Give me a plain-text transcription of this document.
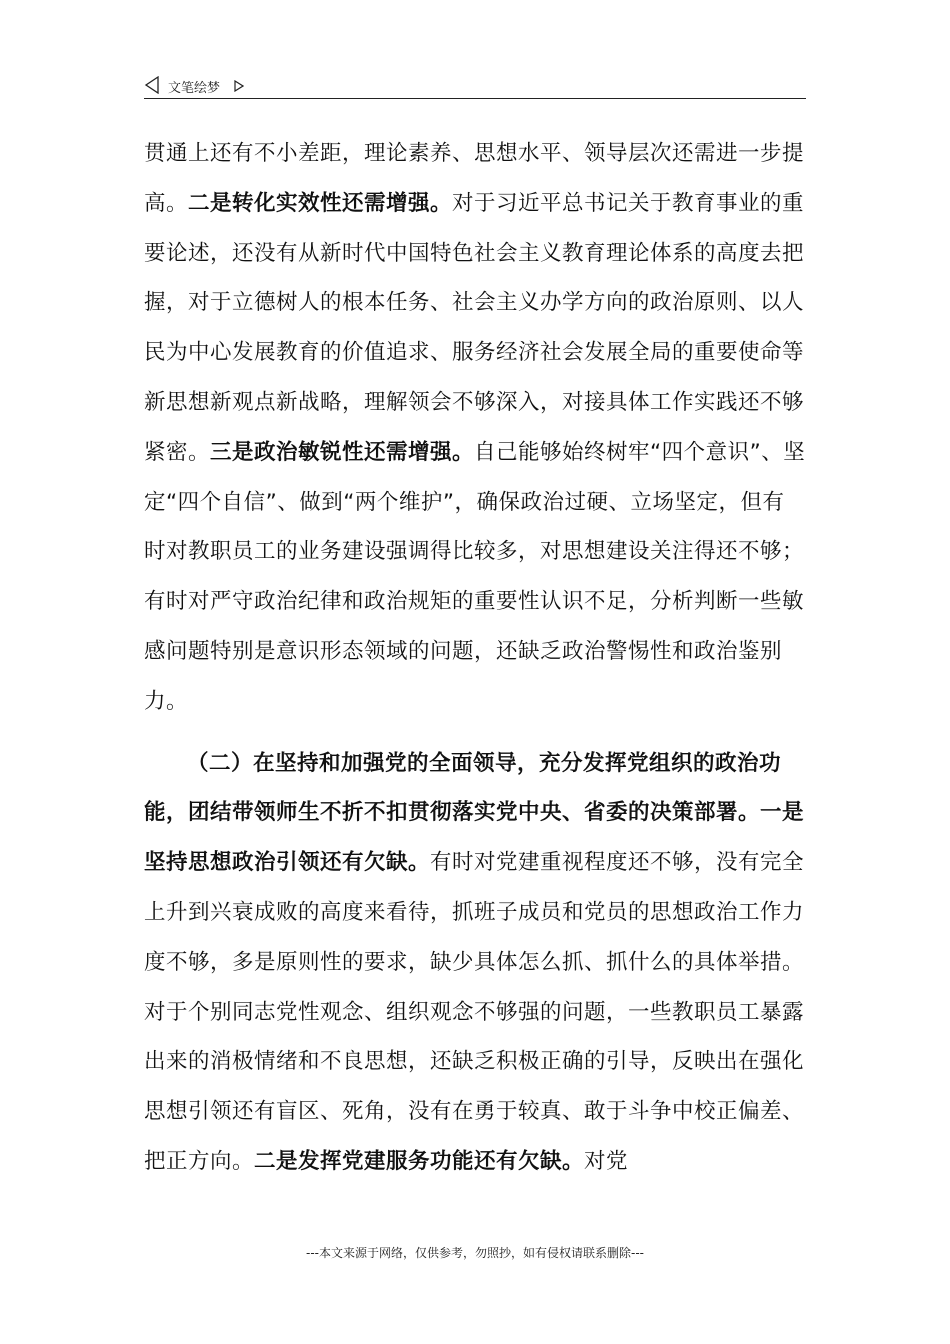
文笔绘梦

贯通上还有不小差距，理论素养、思想水平、领导层次还需进一步提高。二是转化实效性还需增强。对于习近平总书记关于教育事业的重要论述，还没有从新时代中国特色社会主义教育理论体系的高度去把握，对于立德树人的根本任务、社会主义办学方向的政治原则、以人民为中心发展教育的价值追求、服务经济社会发展全局的重要使命等新思想新观点新战略，理解领会不够深入，对接具体工作实践还不够紧密。三是政治敏锐性还需增强。自己能够始终树牢“四个意识”、坚定“四个自信”、做到“两个维护”，确保政治过硬、立场坚定，但有时对教职员工的业务建设强调得比较多，对思想建设关注得还不够；有时对严守政治纪律和政治规矩的重要性认识不足，分析判断一些敏感问题特别是意识形态领域的问题，还缺乏政治警惕性和政治鉴别力。

（二）在坚持和加强党的全面领导，充分发挥党组织的政治功能，团结带领师生不折不扣贯彻落实党中央、省委的决策部署。一是坚持思想政治引领还有欠缺。有时对党建重视程度还不够，没有完全上升到兴衰成败的高度来看待，抓班子成员和党员的思想政治工作力度不够，多是原则性的要求，缺少具体怎么抓、抓什么的具体举措。对于个别同志党性观念、组织观念不够强的问题，一些教职员工暴露出来的消极情绪和不良思想，还缺乏积极正确的引导，反映出在强化思想引领还有盲区、死角，没有在勇于较真、敢于斗争中校正偏差、把正方向。二是发挥党建服务功能还有欠缺。对党

---本文来源于网络，仅供参考，勿照抄，如有侵权请联系删除---
